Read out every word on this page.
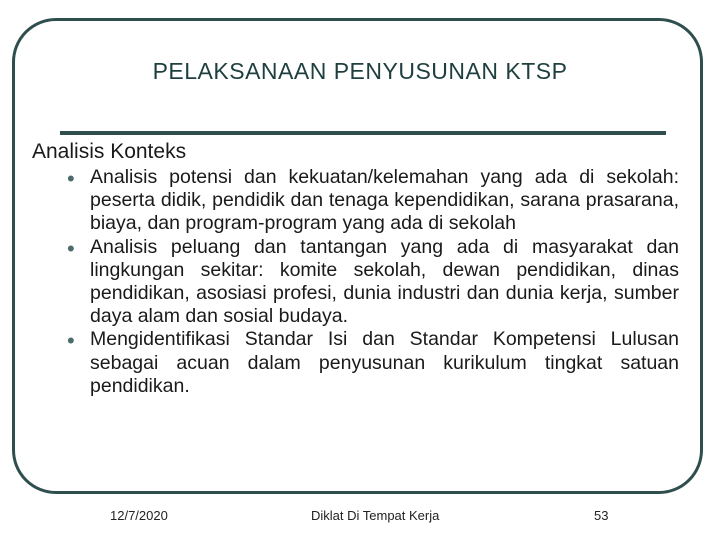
PELAKSANAAN PENYUSUNAN KTSP
Analisis Konteks
• Analisis potensi dan kekuatan/kelemahan yang ada di sekolah: peserta didik, pendidik dan tenaga kependidikan, sarana prasarana, biaya, dan program-program yang ada di sekolah
• Analisis peluang dan tantangan yang ada di masyarakat dan lingkungan sekitar: komite sekolah, dewan pendidikan, dinas pendidikan, asosiasi profesi, dunia industri dan dunia kerja, sumber daya alam dan sosial budaya.
• Mengidentifikasi Standar Isi dan Standar Kompetensi Lulusan sebagai acuan dalam penyusunan kurikulum tingkat satuan pendidikan.
12/7/2020	Diklat Di Tempat Kerja	53
